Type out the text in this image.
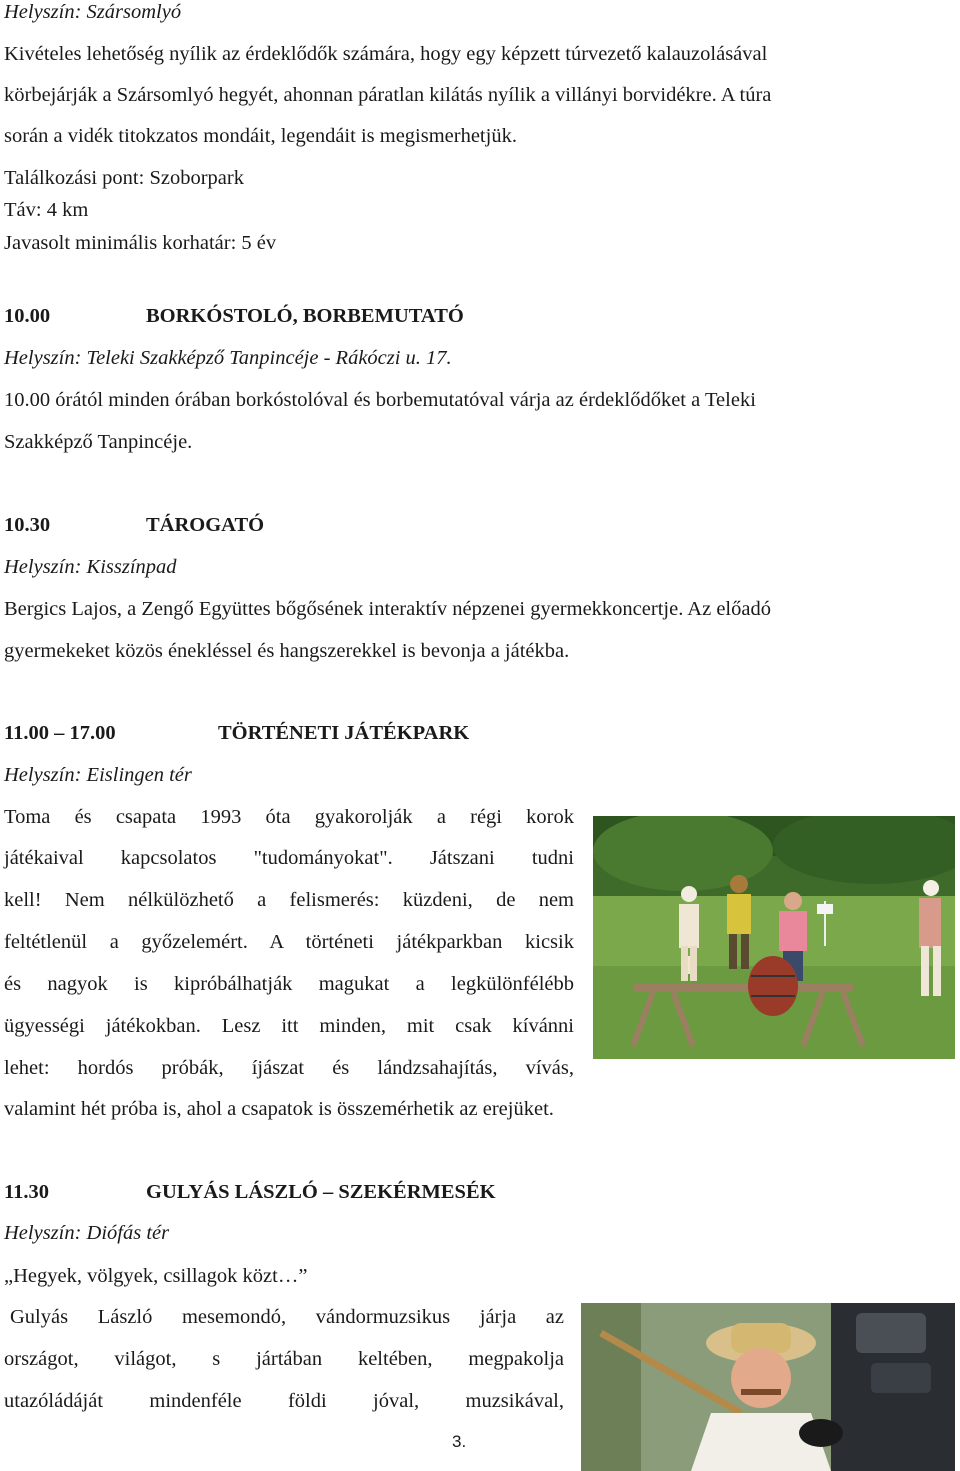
Helyszín: Szársomlyó
Kivételes lehetőség nyílik az érdeklődők számára, hogy egy képzett túrvezető kalauzolásával
körbejárják a Szársomlyó hegyét, ahonnan páratlan kilátás nyílik a villányi borvidékre. A túra
során a vidék titokzatos mondáit, legendáit is megismerhetjük.
Találkozási pont: Szoborpark
Táv: 4 km
Javasolt minimális korhatár: 5 év
10.00	BORKÓSTOLÓ, BORBEMUTATÓ
Helyszín: Teleki Szakképző Tanpincéje - Rákóczi u. 17.
10.00 órától minden órában borkóstolóval és borbemutatóval várja az érdeklődőket a Teleki
Szakképző Tanpincéje.
10.30	TÁROGATÓ
Helyszín: Kisszínpad
Bergics Lajos, a Zengő Együttes bőgősének interaktív népzenei gyermekkoncertje. Az előadó
gyermekeket közös énekléssel és hangszerekkel is bevonja a játékba.
11.00 – 17.00	TÖRTÉNETI JÁTÉKPARK
Helyszín: Eislingen tér
Toma és csapata 1993 óta gyakorolják a régi korok
játékaival kapcsolatos "tudományokat". Játszani tudni
kell! Nem nélkülözhető a felismerés: küzdeni, de nem
feltétlenül a győzelemért. A történeti játékparkban kicsik
és nagyok is kipróbálhatják magukat a legkülönfélébb
ügyességi játékokban. Lesz itt minden, mit csak kívánni
lehet: hordós próbák, íjászat és lándzsahajítás, vívás,
valamint hét próba is, ahol a csapatok is összemérhetik az erejüket.
11.30	GULYÁS LÁSZLÓ – SZEKÉRMESÉK
Helyszín: Diófás tér
„Hegyek, völgyek, csillagok közt…”
Gulyás László mesemondó, vándormuzsikus járja az
országot, világot, s jártában keltében, megpakolja
utazóládáját mindenféle földi jóval, muzsikával,
3.
